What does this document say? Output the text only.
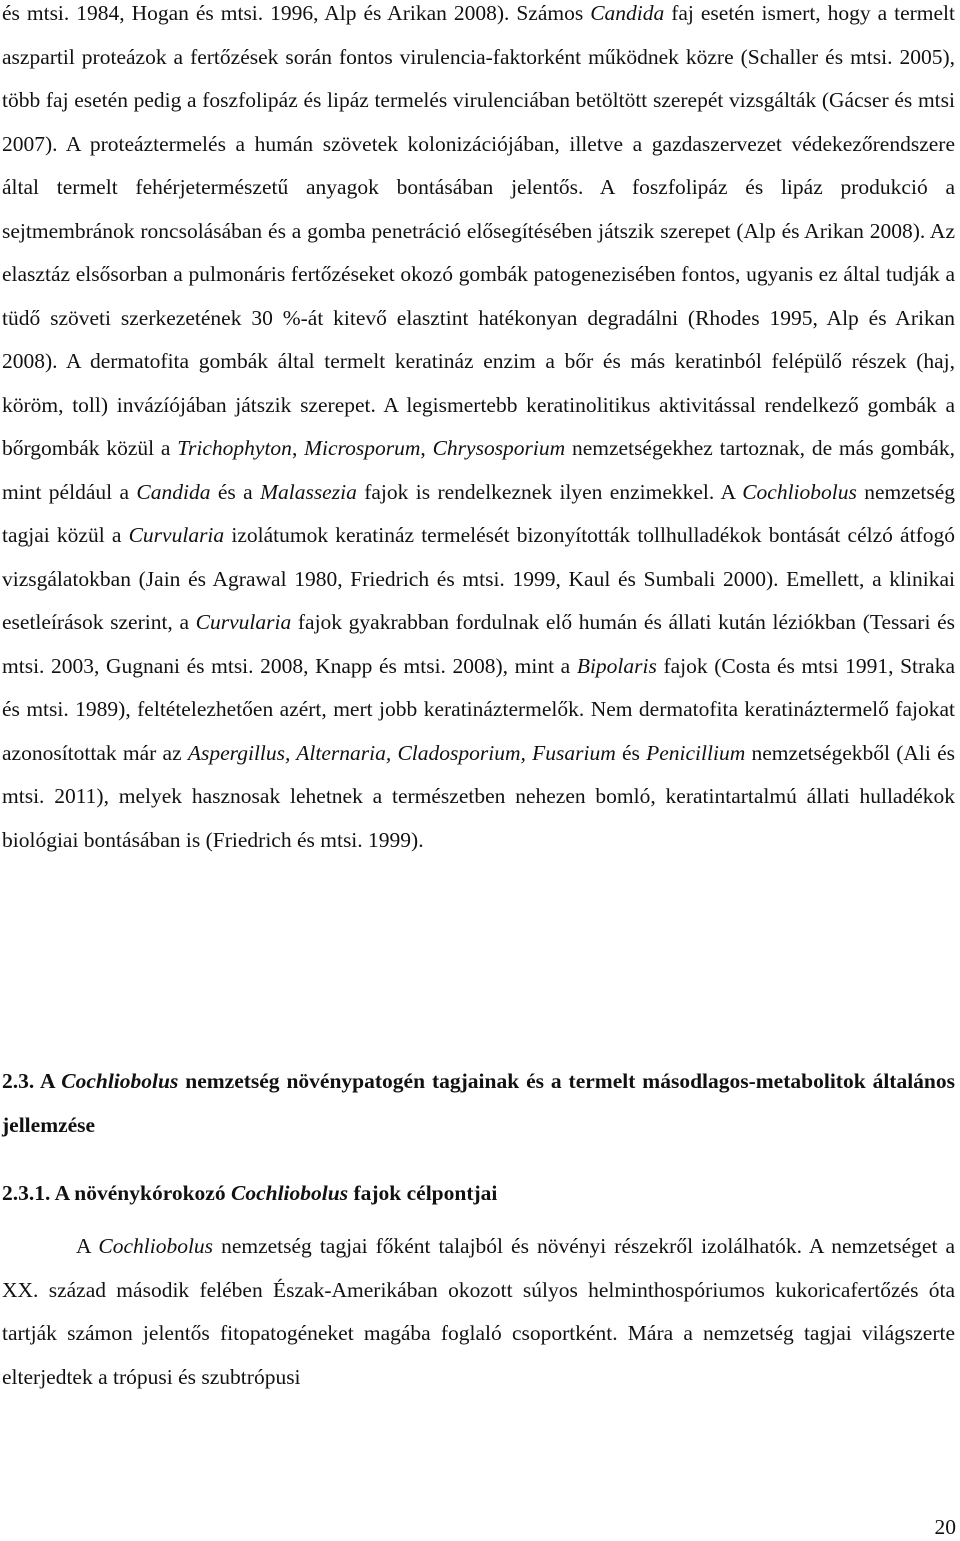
és mtsi. 1984, Hogan és mtsi. 1996, Alp és Arikan 2008). Számos Candida faj esetén ismert, hogy a termelt aszpartil proteázok a fertőzések során fontos virulencia-faktorként működnek közre (Schaller és mtsi. 2005), több faj esetén pedig a foszfolipáz és lipáz termelés virulenciában betöltött szerepét vizsgálták (Gácser és mtsi 2007). A proteáztermelés a humán szövetek kolonizációjában, illetve a gazdaszervezet védekezőrendszere által termelt fehérjetermészetű anyagok bontásában jelentős. A foszfolipáz és lipáz produkció a sejtmembránok roncsolásában és a gomba penetráció elősegítésében játszik szerepet (Alp és Arikan 2008). Az elasztáz elsősorban a pulmonáris fertőzéseket okozó gombák patogenezisében fontos, ugyanis ez által tudják a tüdő szöveti szerkezetének 30 %-át kitevő elasztint hatékonyan degradálni (Rhodes 1995, Alp és Arikan 2008). A dermatofita gombák által termelt keratináz enzim a bőr és más keratinból felépülő részek (haj, köröm, toll) invázíójában játszik szerepet. A legismertebb keratinolitikus aktivitással rendelkező gombák a bőrgombák közül a Trichophyton, Microsporum, Chrysosporium nemzetségekhez tartoznak, de más gombák, mint például a Candida és a Malassezia fajok is rendelkeznek ilyen enzimekkel. A Cochliobolus nemzetség tagjai közül a Curvularia izolátumok keratináz termelését bizonyították tollhulladékok bontását célzó átfogó vizsgálatokban (Jain és Agrawal 1980, Friedrich és mtsi. 1999, Kaul és Sumbali 2000). Emellett, a klinikai esetleírások szerint, a Curvularia fajok gyakrabban fordulnak elő humán és állati kután léziókban (Tessari és mtsi. 2003, Gugnani és mtsi. 2008, Knapp és mtsi. 2008), mint a Bipolaris fajok (Costa és mtsi 1991, Straka és mtsi. 1989), feltételezhetően azért, mert jobb keratináztermelők. Nem dermatofita keratináztermelő fajokat azonosítottak már az Aspergillus, Alternaria, Cladosporium, Fusarium és Penicillium nemzetségekből (Ali és mtsi. 2011), melyek hasznosak lehetnek a természetben nehezen bomló, keratintartalmú állati hulladékok biológiai bontásában is (Friedrich és mtsi. 1999).

2.3. A Cochliobolus nemzetség növénypatogén tagjainak és a termelt másodlagos-metabolitok általános jellemzése

2.3.1. A növénykórokozó Cochliobolus fajok célpontjai

A Cochliobolus nemzetség tagjai főként talajból és növényi részekről izolálhatók. A nemzetséget a XX. század második felében Észak-Amerikában okozott súlyos helminthospóriumos kukoricafertőzés óta tartják számon jelentős fitopatogéneket magába foglaló csoportként. Mára a nemzetség tagjai világszerte elterjedtek a trópusi és szubtrópusi

20
